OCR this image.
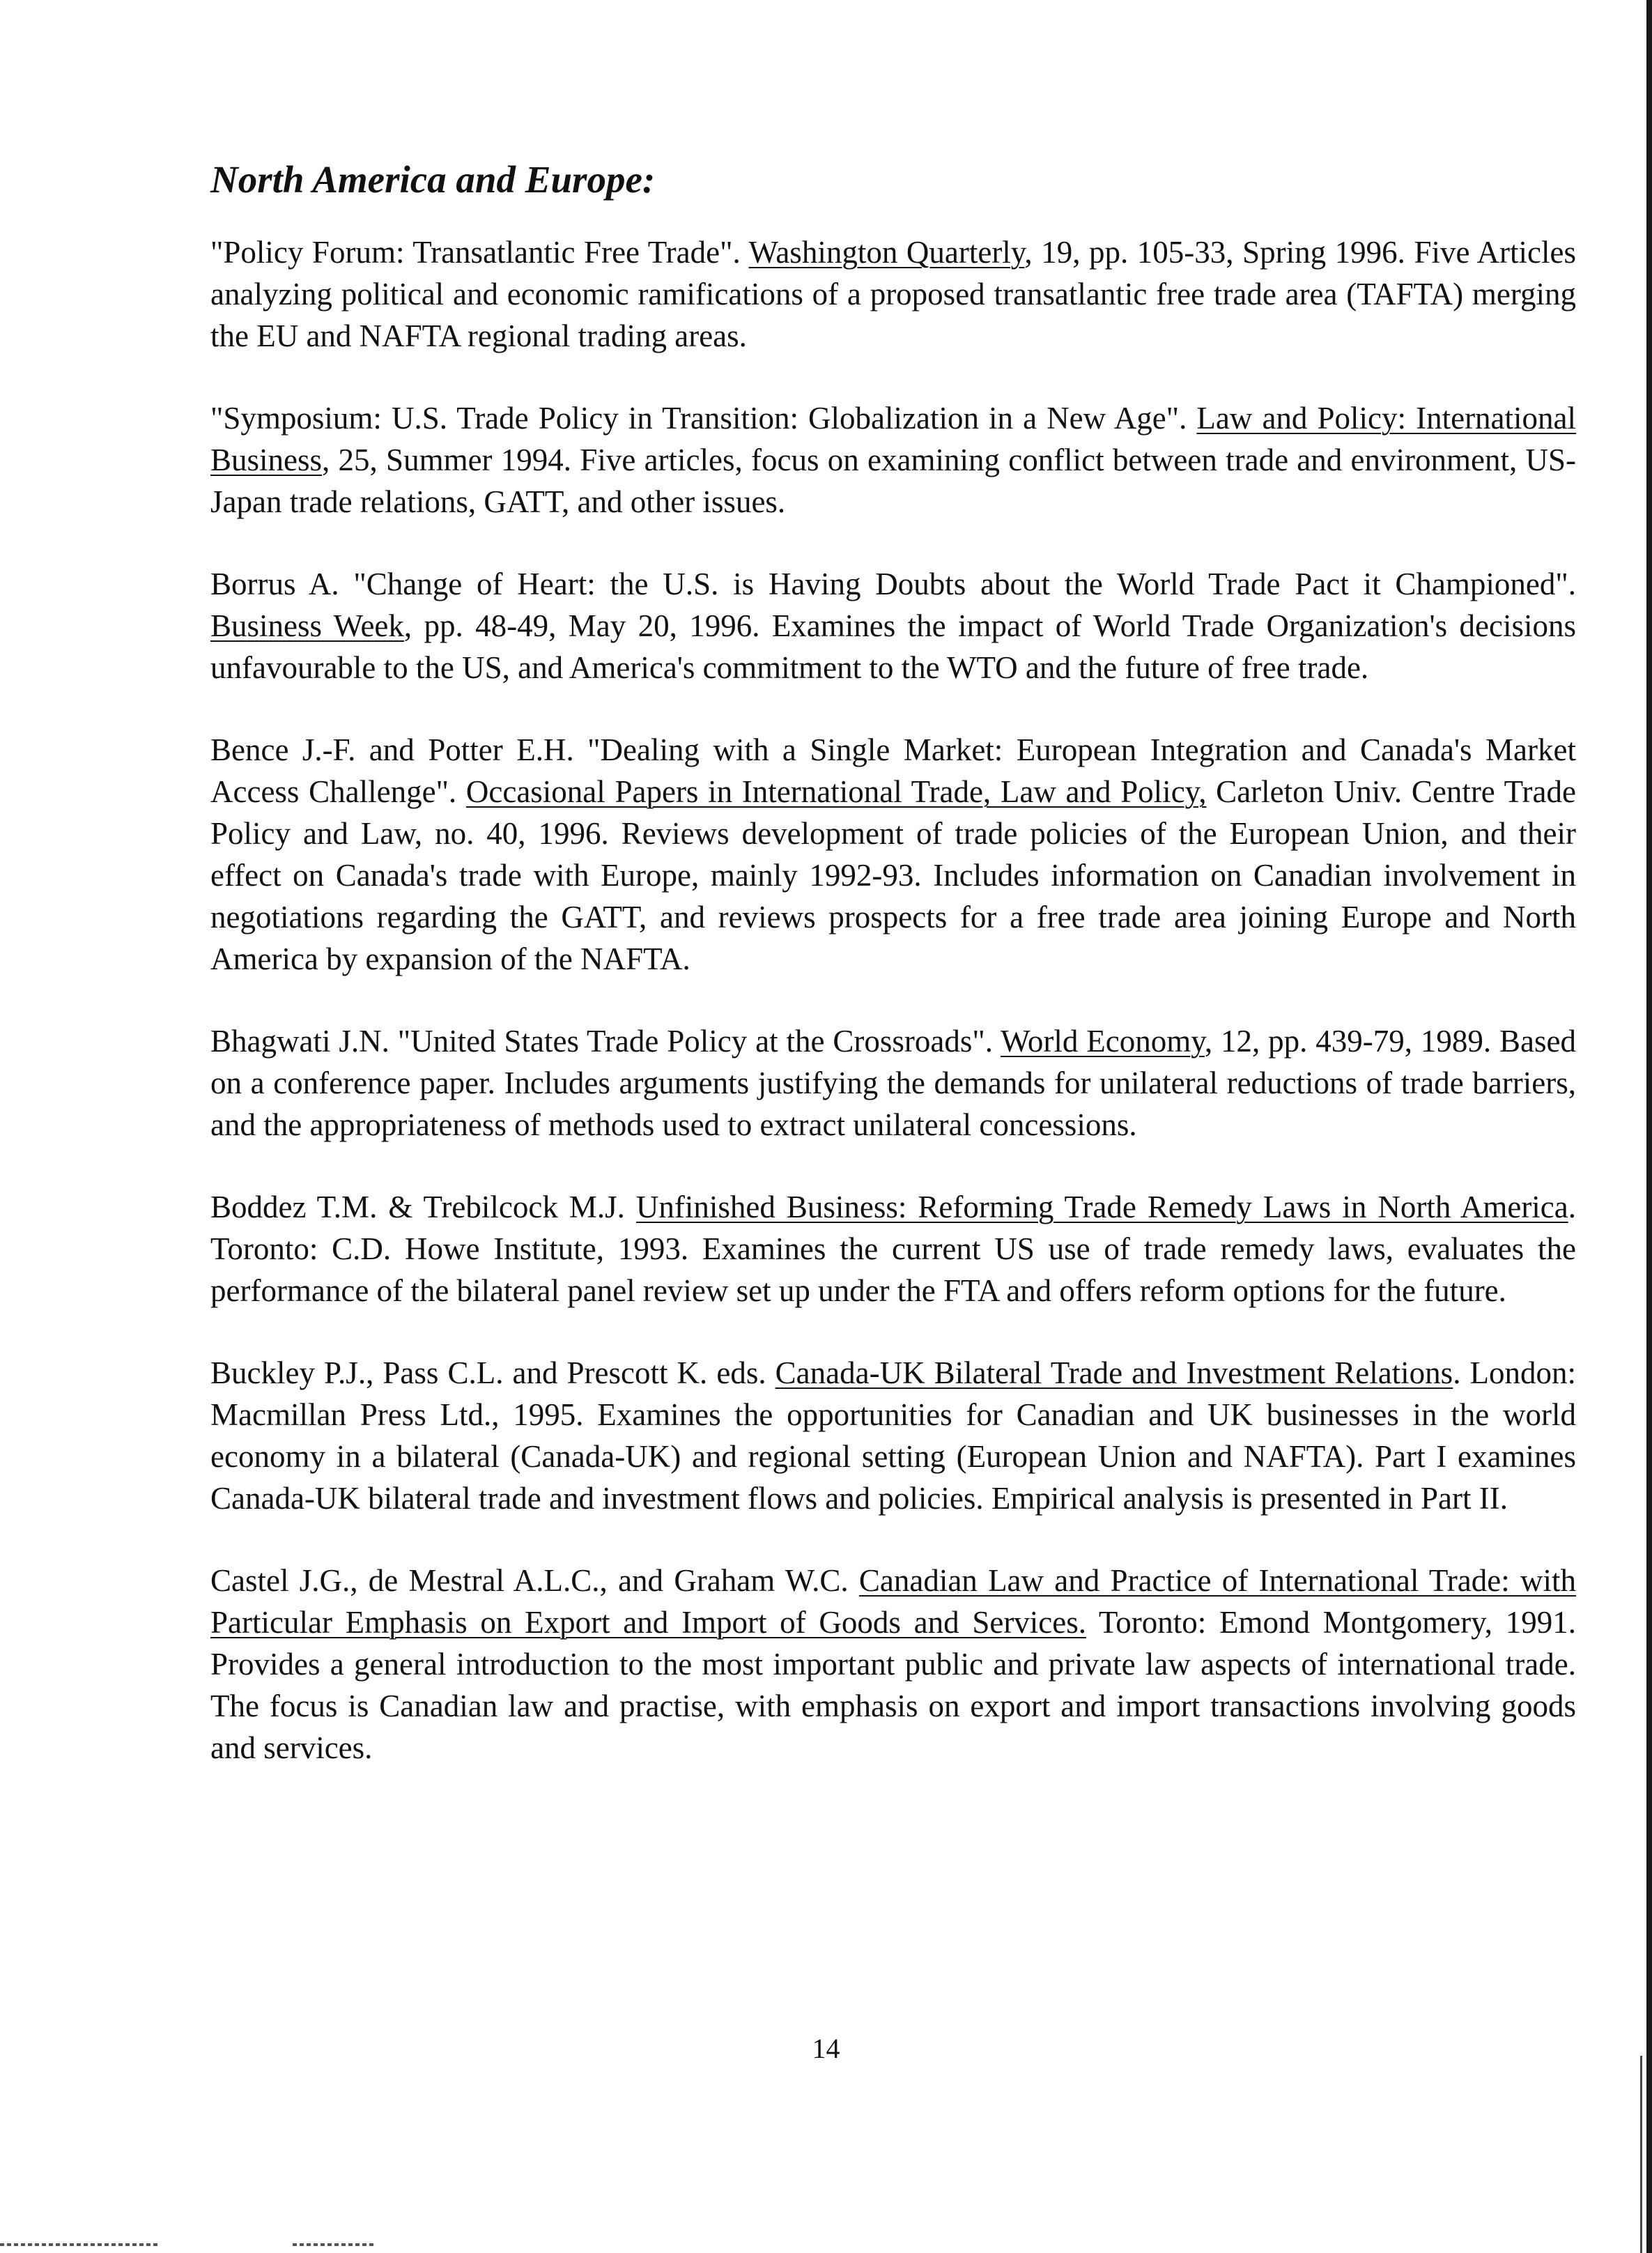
North America and Europe:

"Policy Forum: Transatlantic Free Trade". Washington Quarterly, 19, pp. 105-33, Spring 1996. Five Articles analyzing political and economic ramifications of a proposed transatlantic free trade area (TAFTA) merging the EU and NAFTA regional trading areas.

"Symposium: U.S. Trade Policy in Transition: Globalization in a New Age". Law and Policy: International Business, 25, Summer 1994. Five articles, focus on examining conflict between trade and environment, US-Japan trade relations, GATT, and other issues.

Borrus A. "Change of Heart: the U.S. is Having Doubts about the World Trade Pact it Championed". Business Week, pp. 48-49, May 20, 1996. Examines the impact of World Trade Organization's decisions unfavourable to the US, and America's commitment to the WTO and the future of free trade.

Bence J.-F. and Potter E.H. "Dealing with a Single Market: European Integration and Canada's Market Access Challenge". Occasional Papers in International Trade, Law and Policy, Carleton Univ. Centre Trade Policy and Law, no. 40, 1996. Reviews development of trade policies of the European Union, and their effect on Canada's trade with Europe, mainly 1992-93. Includes information on Canadian involvement in negotiations regarding the GATT, and reviews prospects for a free trade area joining Europe and North America by expansion of the NAFTA.

Bhagwati J.N. "United States Trade Policy at the Crossroads". World Economy, 12, pp. 439-79, 1989. Based on a conference paper. Includes arguments justifying the demands for unilateral reductions of trade barriers, and the appropriateness of methods used to extract unilateral concessions.

Boddez T.M. & Trebilcock M.J. Unfinished Business: Reforming Trade Remedy Laws in North America. Toronto: C.D. Howe Institute, 1993. Examines the current US use of trade remedy laws, evaluates the performance of the bilateral panel review set up under the FTA and offers reform options for the future.

Buckley P.J., Pass C.L. and Prescott K. eds. Canada-UK Bilateral Trade and Investment Relations. London: Macmillan Press Ltd., 1995. Examines the opportunities for Canadian and UK businesses in the world economy in a bilateral (Canada-UK) and regional setting (European Union and NAFTA). Part I examines Canada-UK bilateral trade and investment flows and policies. Empirical analysis is presented in Part II.

Castel J.G., de Mestral A.L.C., and Graham W.C. Canadian Law and Practice of International Trade: with Particular Emphasis on Export and Import of Goods and Services. Toronto: Emond Montgomery, 1991. Provides a general introduction to the most important public and private law aspects of international trade. The focus is Canadian law and practise, with emphasis on export and import transactions involving goods and services.

14
